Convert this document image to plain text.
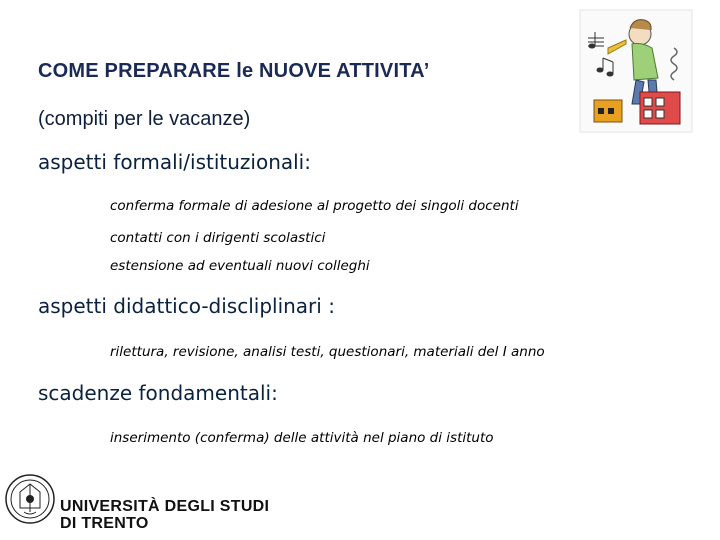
COME PREPARARE le NUOVE ATTIVITA’
(compiti per le vacanze)
aspetti formali/istituzionali:
conferma formale di adesione al progetto dei singoli docenti
contatti con i dirigenti scolastici
estensione ad eventuali nuovi colleghi
aspetti didattico-discliplinari :
rilettura, revisione, analisi testi, questionari, materiali del I anno
scadenze fondamentali:
inserimento (conferma) delle attività nel piano di istituto
UNIVERSITÀ DEGLI STUDI
DI TRENTO
